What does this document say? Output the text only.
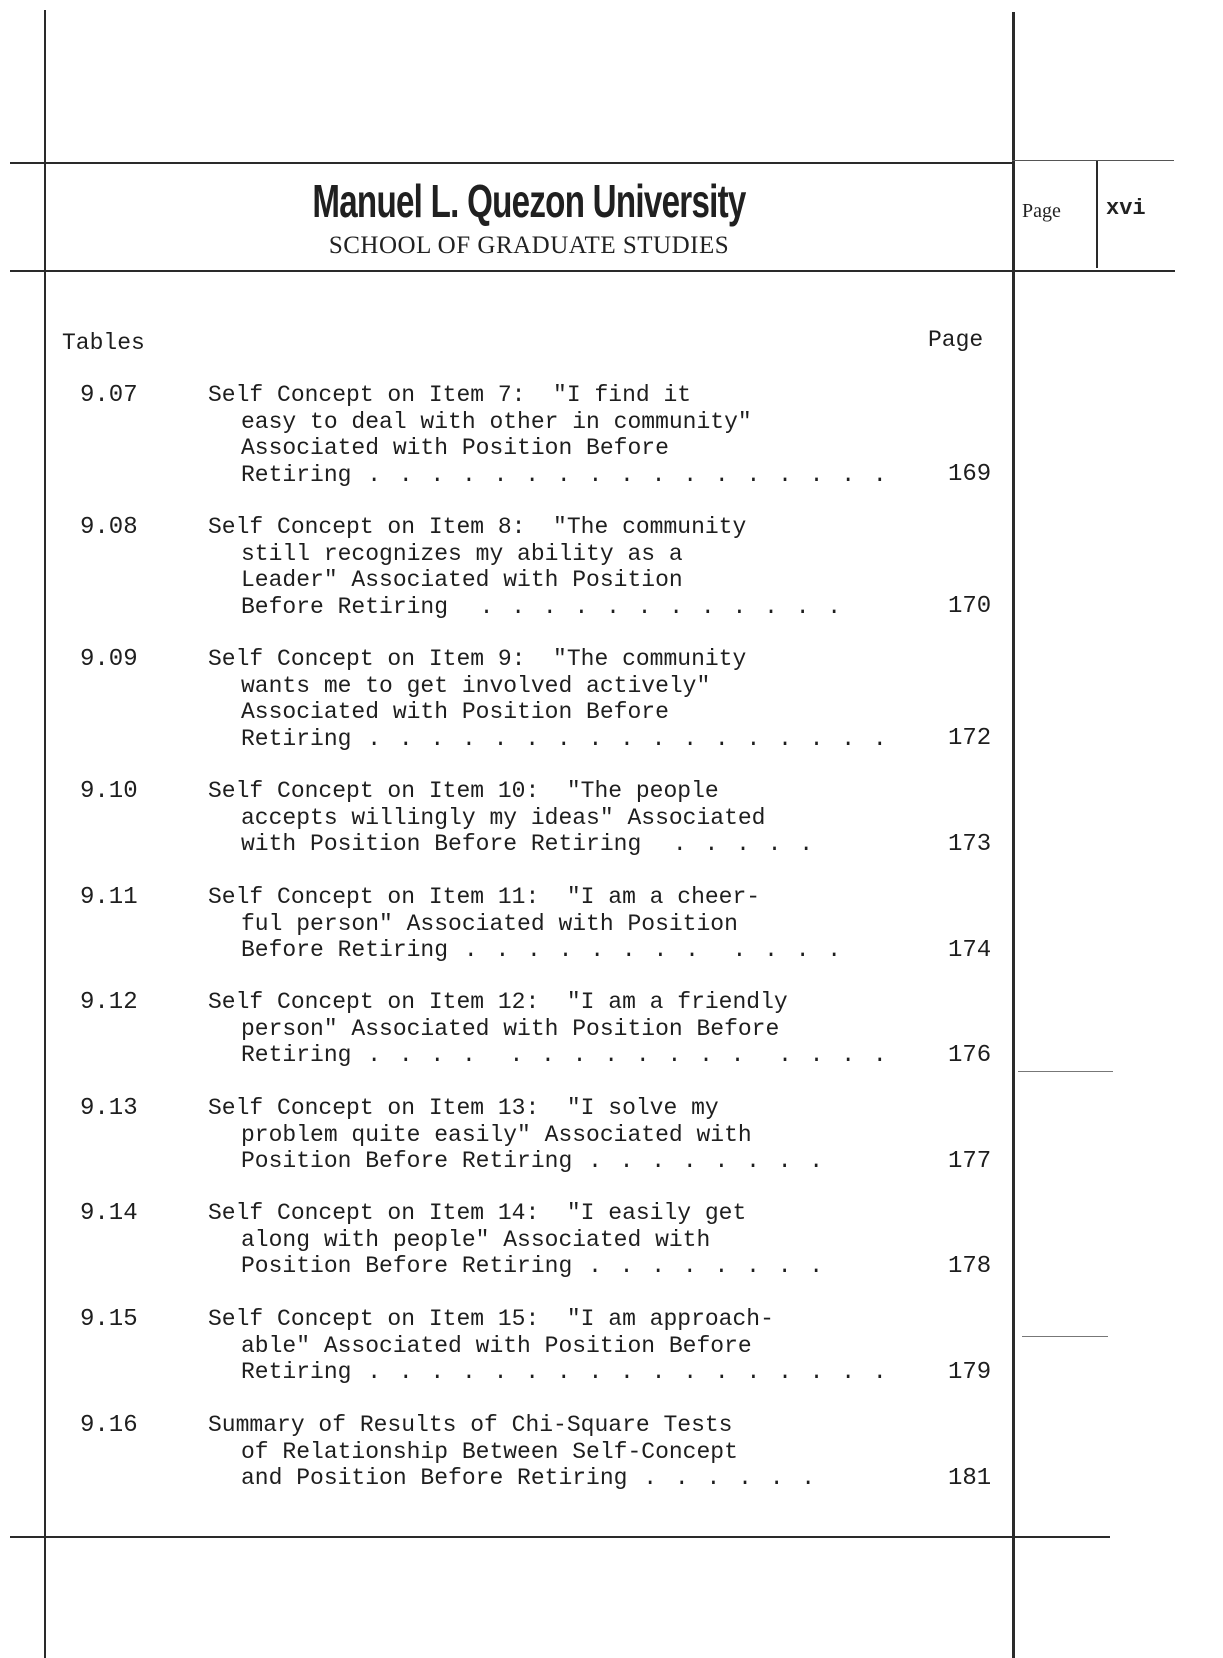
Manuel L. Quezon University
SCHOOL OF GRADUATE STUDIES
Page xvi
Tables	Page
9.07	Self Concept on Item 7:  "I find it
easy to deal with other in community"
Associated with Position Before
Retiring . . . . . . . . . . . . . . . . .	169
9.08	Self Concept on Item 8:  "The community
still recognizes my ability as a
Leader" Associated with Position
Before Retiring  . . . . . . . . . . . .	170
9.09	Self Concept on Item 9:  "The community
wants me to get involved actively"
Associated with Position Before
Retiring . . . . . . . . . . . . . . . . .	172
9.10	Self Concept on Item 10:  "The people
accepts willingly my ideas" Associated
with Position Before Retiring  . . . . .	173
9.11	Self Concept on Item 11:  "I am a cheer-
ful person" Associated with Position
Before Retiring . . . . . . . .  . . . .	174
9.12	Self Concept on Item 12:  "I am a friendly
person" Associated with Position Before
Retiring . . . .  . . . . . . . .  . . . .	176
9.13	Self Concept on Item 13:  "I solve my
problem quite easily" Associated with
Position Before Retiring . . . . . . . .	177
9.14	Self Concept on Item 14:  "I easily get
along with people" Associated with
Position Before Retiring . . . . . . . .	178
9.15	Self Concept on Item 15:  "I am approach-
able" Associated with Position Before
Retiring . . . . . . . . . . . . . . . . .	179
9.16	Summary of Results of Chi-Square Tests
of Relationship Between Self-Concept
and Position Before Retiring . . . . . .	181
